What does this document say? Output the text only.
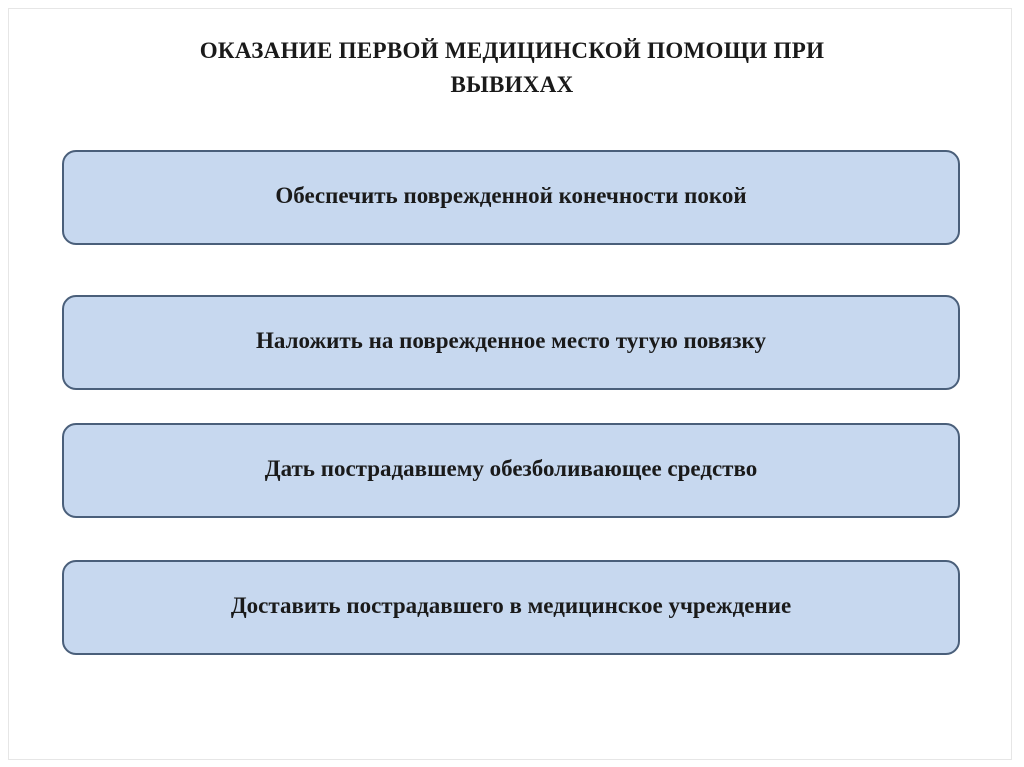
ОКАЗАНИЕ ПЕРВОЙ МЕДИЦИНСКОЙ ПОМОЩИ ПРИ
ВЫВИХАХ
Обеспечить поврежденной конечности покой
Наложить на поврежденное место тугую повязку
Дать пострадавшему обезболивающее средство
Доставить пострадавшего в медицинское учреждение
